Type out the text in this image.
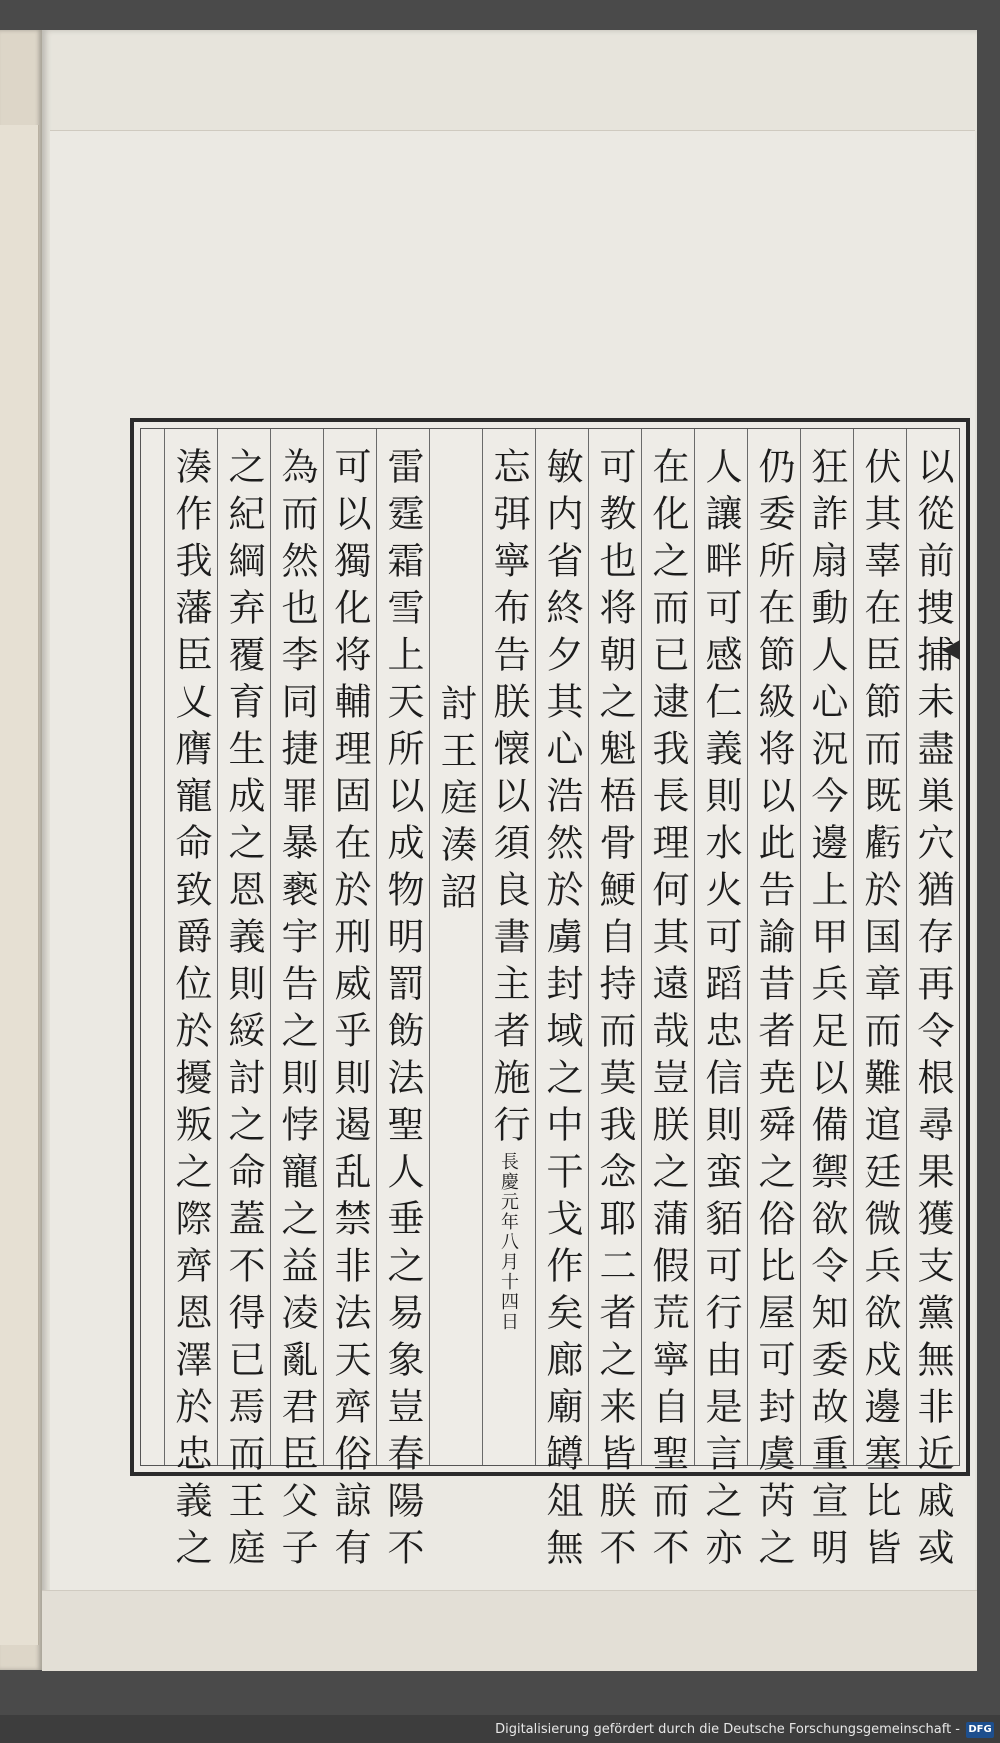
以從前捜捕未盡巣穴猶存再令根尋果獲支黨無非近戚㦯
伏其辜在臣節而既虧於国章而難逭廷微兵欲戍邊塞比皆
狂詐扇動人心況今邊上甲兵足以備禦欲令知委故重宣明
仍委所在節級将以此告諭昔者尭舜之俗比屋可封虞芮之
人讓畔可感仁義則水火可蹈忠信則蛮貊可行由是言之亦
在化之而已逮我長理何其遠哉豈朕之蒲假荒寧自聖而不
可教也将朝之魁梧骨鯁自持而莫我念耶二者之来皆朕不
敏内省終夕其心浩然於虜封域之中干戈作矣廊廟罇俎無
忘弭寧布告朕懐以須良書主者施行長慶元年八月十四日
討王庭湊詔
雷霆霜雪上天所以成物明罰飭法聖人垂之易象豈春陽不
可以獨化将輔理固在於刑威乎則遏乱禁非法天齊俗諒有
為而然也李同捷罪暴褻宇告之則悖寵之益凌亂君臣父子
之紀綱弃覆育生成之恩義則綏討之命蓋不得已焉而王庭
湊作我藩臣乂膺寵命致爵位於擾叛之際齊恩澤於忠義之
Digitalisierung gefördert durch die Deutsche Forschungsgemeinschaft - DFG
